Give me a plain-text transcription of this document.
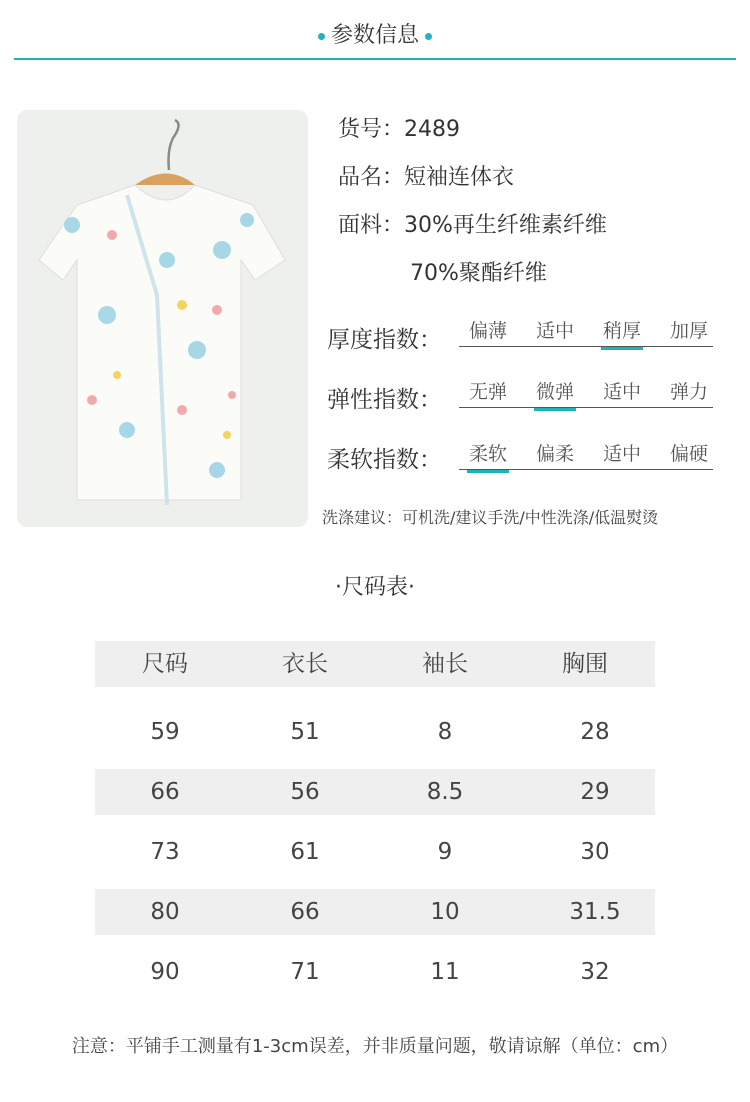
参数信息
货号：2489
品名：短袖连体衣
面料：30%再生纤维素纤维
70%聚酯纤维
厚度指数：	偏薄	适中	稍厚	加厚
弹性指数：	无弹	微弹	适中	弹力
柔软指数：	柔软	偏柔	适中	偏硬
洗涤建议：可机洗/建议手洗/中性洗涤/低温熨烫
·尺码表·
尺码	衣长	袖长	胸围
59	51	8	28
66	56	8.5	29
73	61	9	30
80	66	10	31.5
90	71	11	32
注意：平铺手工测量有1-3cm误差，并非质量问题，敬请谅解（单位：cm）
